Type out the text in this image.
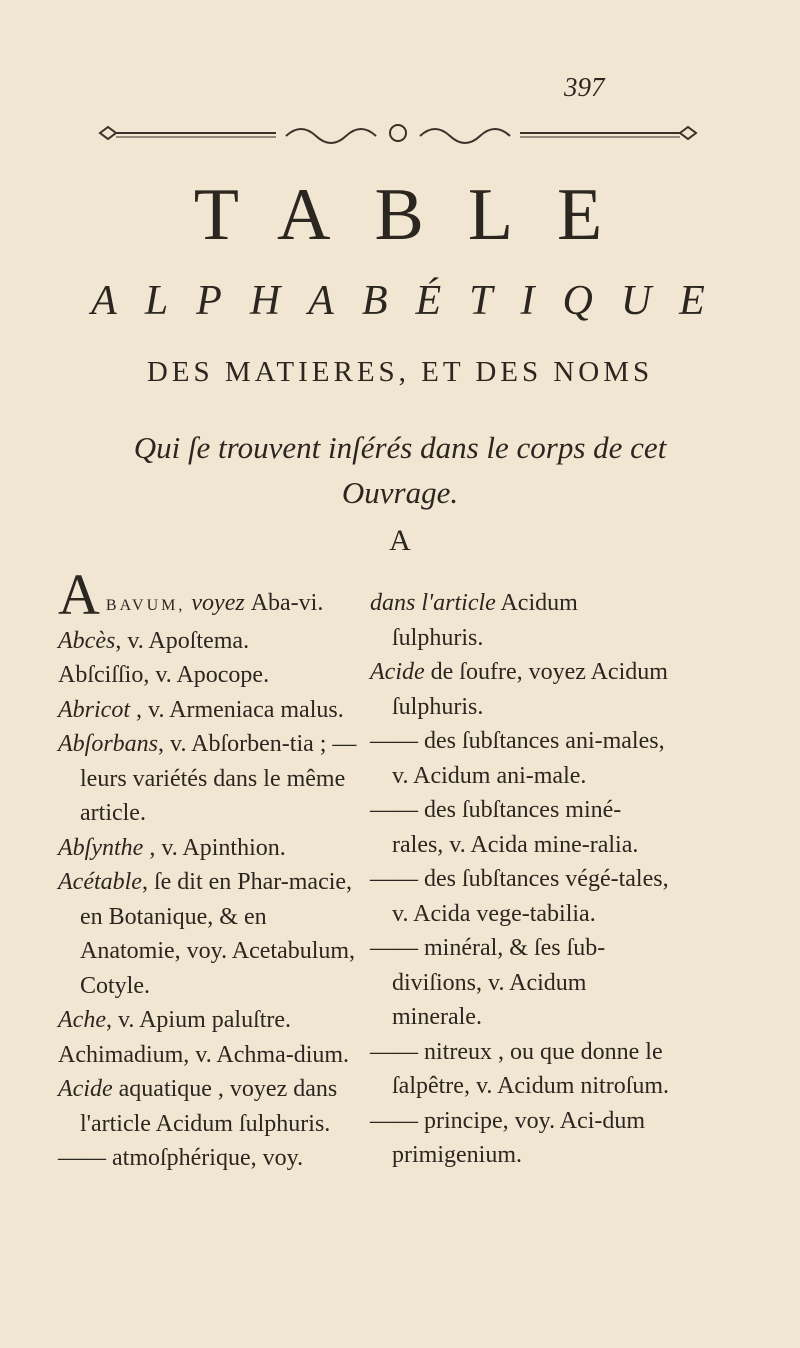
397
TABLE
ALPHABÉTIQUE
DES MATIERES, ET DES NOMS
Qui ſe trouvent inſérés dans le corps de cet Ouvrage.
A
A BAVUM, voyez Aba-vi.
Abcès, v. Apoſtema.
Abſciſſio, v. Apocope.
Abricot , v. Armeniaca malus.
Abſorbans, v. Abſorben-tia ; — leurs variétés dans le même article.
Abſynthe , v. Apinthion.
Acétable, ſe dit en Phar-macie, en Botanique, & en Anatomie, voy. Acetabulum, Cotyle.
Ache, v. Apium paluſtre.
Achimadium, v. Achma-dium.
Acide aquatique , voyez dans l'article Acidum ſulphuris.
—— atmoſphérique, voy.
dans l'article Acidum ſulphuris.
Acide de ſoufre, voyez Acidum ſulphuris.
—— des ſubſtances ani-males, v. Acidum ani-male.
—— des ſubſtances miné-rales, v. Acida mine-ralia.
—— des ſubſtances végé-tales, v. Acida vege-tabilia.
—— minéral, & ſes ſub-diviſions, v. Acidum minerale.
—— nitreux , ou que donne le ſalpêtre, v. Acidum nitroſum.
—— principe, voy. Aci-dum primigenium.
